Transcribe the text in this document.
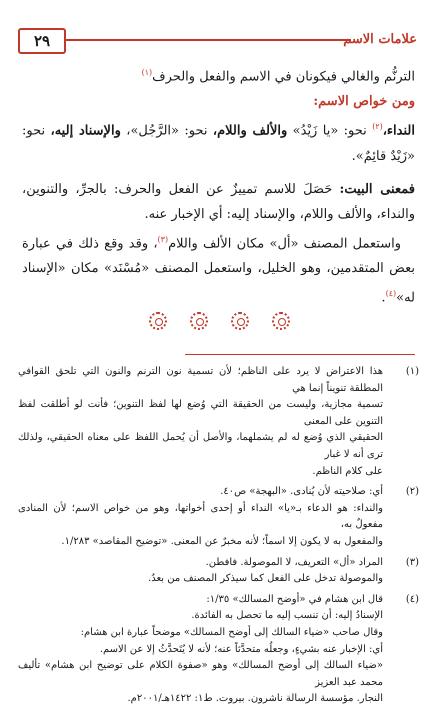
علامات الاسم
٢٩

الترنُّم والغالي فيكونان في الاسم والفعل والحرف$^{(١)}$

ومن خواص الاسم:

النداء،$^{(٢)}$ نحو: «يا زَيْدُ» والألف واللام، نحو: «الرَّجُل»، والإسناد إليه، نحو: «زَيْدٌ قائِمٌ».

فمعنى البيت: حَصَلَ للاسم تمييزٌ عن الفعل والحرف: بالجرِّ، والتنوين، والنداء، والألف واللام، والإسناد إليه: أي الإخبار عنه.

واستعمل المصنف «أل» مكان الألف واللام$^{(٣)}$، وقد وقع ذلك في عبارة بعض المتقدمين، وهو الخليل، واستعمل المصنف «مُسْنَد» مكان «الإسناد له»$^{(٤)}$.

(١)

هذا الاعتراض لا يرد على الناظم؛ لأن تسمية نون الترنم والنون التي تلحق القوافي المطلقة تنويناً إنما هي

تسمية مجازية، وليست من الحقيقة التي وُضع لها لفظ التنوين؛ فأنت لو أطلقت لفظ التنوين على المعنى

الحقيقي الذي وُضع له لم يشملهما، والأصل أن يُحمل اللفظ على معناه الحقيقي، ولذلك ترى أنه لا غبار

على كلام الناظم.

(٢)

أي: صلاحيته لأن يُنادى. «البهجة» ص٤٠.

والنداء: هو الدعاء بـ«يا» النداء أو إحدى أخواتها، وهو من خواص الاسم؛ لأن المنادى مفعولٌ به،

والمفعول به لا يكون إلا اسماً؛ لأنه مخبرٌ عن المعنى. «توضيح المقاصد» ١/٢٨٣.

(٣)

المراد «أل» التعريف، لا الموصولة. فافطن.

والموصولة تدخل على الفعل كما سيذكر المصنف من بعدُ.

(٤)

قال ابن هشام في «أوضح المسالك» ١/٣٥:

الإسنادُ إليه: أن تنسب إليه ما تحصل به الفائدة.

وقال صاحب «ضياء السالك إلى أوضح المسالك» موضحاً عبارة ابن هشام:

أي: الإخبار عنه بشيءٍ، وجعلُه متحدَّثاً عنه؛ لأنه لا يُتَحدَّثُ إلا عن الاسم.

«ضياء السالك إلى أوضح المسالك» وهو «صفوة الكلام على توضيح ابن هشام» تأليف محمد عبد العزيز

النجار. مؤسسة الرسالة ناشرون. بيروت. ط١: ١٤٢٢هـ/٢٠٠١م.
